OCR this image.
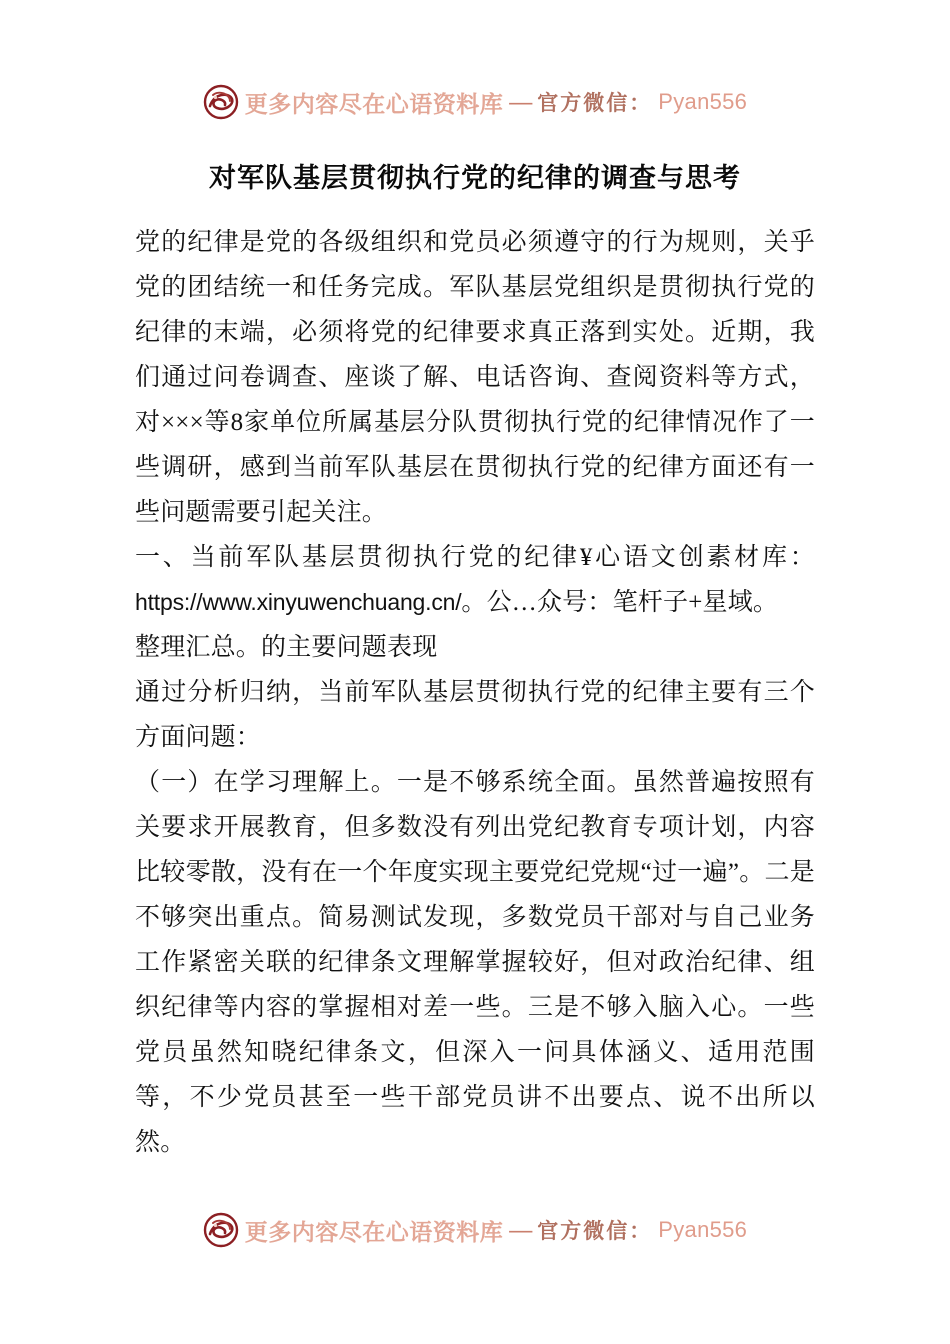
更多内容尽在心语资料库 — 官方微信： Pyan556
对军队基层贯彻执行党的纪律的调查与思考

党的纪律是党的各级组织和党员必须遵守的行为规则，关乎党的团结统一和任务完成。军队基层党组织是贯彻执行党的纪律的末端，必须将党的纪律要求真正落到实处。近期，我们通过问卷调查、座谈了解、电话咨询、查阅资料等方式，对×××等8家单位所属基层分队贯彻执行党的纪律情况作了一些调研，感到当前军队基层在贯彻执行党的纪律方面还有一些问题需要引起关注。

一、当前军队基层贯彻执行党的纪律¥心语文创素材库：https://www.xinyuwenchuang.cn/。公…众号：笔杆子+星域。
整理汇总。的主要问题表现

通过分析归纳，当前军队基层贯彻执行党的纪律主要有三个方面问题：

（一）在学习理解上。一是不够系统全面。虽然普遍按照有关要求开展教育，但多数没有列出党纪教育专项计划，内容比较零散，没有在一个年度实现主要党纪党规“过一遍”。二是不够突出重点。简易测试发现，多数党员干部对与自己业务工作紧密关联的纪律条文理解掌握较好，但对政治纪律、组织纪律等内容的掌握相对差一些。三是不够入脑入心。一些党员虽然知晓纪律条文，但深入一问具体涵义、适用范围等，不少党员甚至一些干部党员讲不出要点、说不出所以然。

更多内容尽在心语资料库 — 官方微信： Pyan556
